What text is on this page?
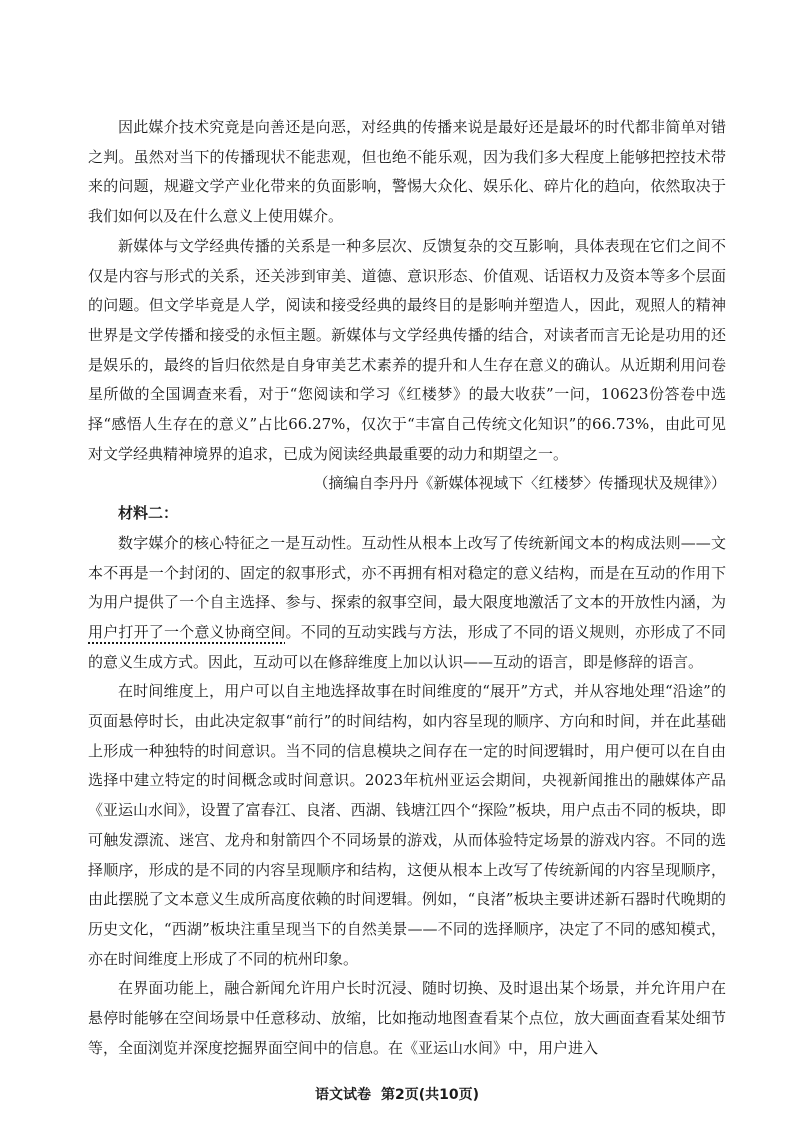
因此媒介技术究竟是向善还是向恶，对经典的传播来说是最好还是最坏的时代都非简单对错之判。虽然对当下的传播现状不能悲观，但也绝不能乐观，因为我们多大程度上能够把控技术带来的问题，规避文学产业化带来的负面影响，警惕大众化、娱乐化、碎片化的趋向，依然取决于我们如何以及在什么意义上使用媒介。

新媒体与文学经典传播的关系是一种多层次、反馈复杂的交互影响，具体表现在它们之间不仅是内容与形式的关系，还关涉到审美、道德、意识形态、价值观、话语权力及资本等多个层面的问题。但文学毕竟是人学，阅读和接受经典的最终目的是影响并塑造人，因此，观照人的精神世界是文学传播和接受的永恒主题。新媒体与文学经典传播的结合，对读者而言无论是功用的还是娱乐的，最终的旨归依然是自身审美艺术素养的提升和人生存在意义的确认。从近期利用问卷星所做的全国调查来看，对于“您阅读和学习《红楼梦》的最大收获”一问，10623份答卷中选择“感悟人生存在的意义”占比66.27%，仅次于“丰富自己传统文化知识”的66.73%，由此可见对文学经典精神境界的追求，已成为阅读经典最重要的动力和期望之一。

（摘编自李丹丹《新媒体视域下〈红楼梦〉传播现状及规律》）

材料二：

数字媒介的核心特征之一是互动性。互动性从根本上改写了传统新闻文本的构成法则——文本不再是一个封闭的、固定的叙事形式，亦不再拥有相对稳定的意义结构，而是在互动的作用下为用户提供了一个自主选择、参与、探索的叙事空间，最大限度地激活了文本的开放性内涵，为用户打开了一个意义协商空间。不同的互动实践与方法，形成了不同的语义规则，亦形成了不同的意义生成方式。因此，互动可以在修辞维度上加以认识——互动的语言，即是修辞的语言。

在时间维度上，用户可以自主地选择故事在时间维度的“展开”方式，并从容地处理“沿途”的页面悬停时长，由此决定叙事“前行”的时间结构，如内容呈现的顺序、方向和时间，并在此基础上形成一种独特的时间意识。当不同的信息模块之间存在一定的时间逻辑时，用户便可以在自由选择中建立特定的时间概念或时间意识。2023年杭州亚运会期间，央视新闻推出的融媒体产品《亚运山水间》，设置了富春江、良渚、西湖、钱塘江四个“探险”板块，用户点击不同的板块，即可触发漂流、迷宫、龙舟和射箭四个不同场景的游戏，从而体验特定场景的游戏内容。不同的选择顺序，形成的是不同的内容呈现顺序和结构，这便从根本上改写了传统新闻的内容呈现顺序，由此摆脱了文本意义生成所高度依赖的时间逻辑。例如，“良渚”板块主要讲述新石器时代晚期的历史文化，“西湖”板块注重呈现当下的自然美景——不同的选择顺序，决定了不同的感知模式，亦在时间维度上形成了不同的杭州印象。

在界面功能上，融合新闻允许用户长时沉浸、随时切换、及时退出某个场景，并允许用户在悬停时能够在空间场景中任意移动、放缩，比如拖动地图查看某个点位，放大画面查看某处细节等，全面浏览并深度挖掘界面空间中的信息。在《亚运山水间》中，用户进入

语文试卷 第2页(共10页)
